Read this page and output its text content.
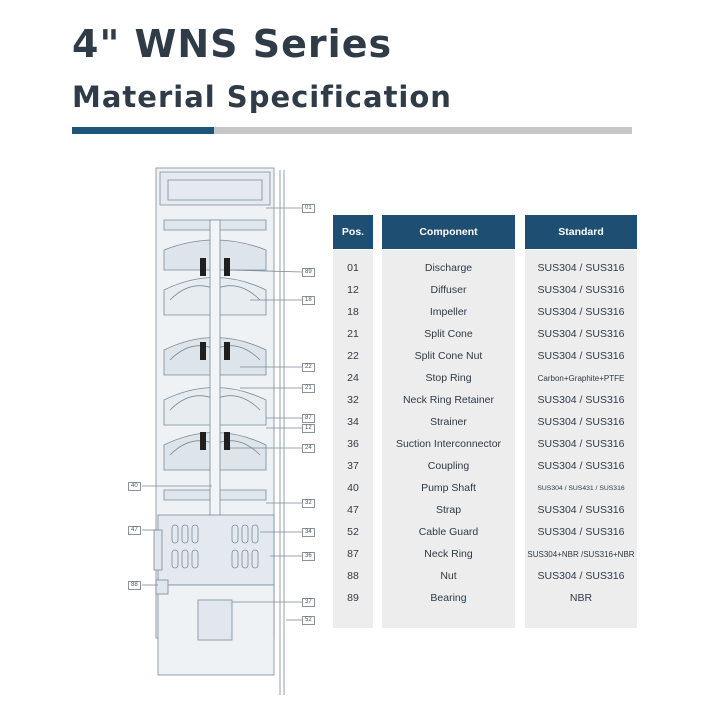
4" WNS Series
Material Specification
01
89
18
22
21
87
12
24
32
34
36
37
52
40
47
88
Pos.	Component	Standard
01	Discharge	SUS304 / SUS316
12	Diffuser	SUS304 / SUS316
18	Impeller	SUS304 / SUS316
21	Split Cone	SUS304 / SUS316
22	Split Cone Nut	SUS304 / SUS316
24	Stop Ring	Carbon+Graphite+PTFE
32	Neck Ring Retainer	SUS304 / SUS316
34	Strainer	SUS304 / SUS316
36	Suction Interconnector	SUS304 / SUS316
37	Coupling	SUS304 / SUS316
40	Pump Shaft	SUS304 / SUS431 / SUS316
47	Strap	SUS304 / SUS316
52	Cable Guard	SUS304 / SUS316
87	Neck Ring	SUS304+NBR /SUS316+NBR
88	Nut	SUS304 / SUS316
89	Bearing	NBR
